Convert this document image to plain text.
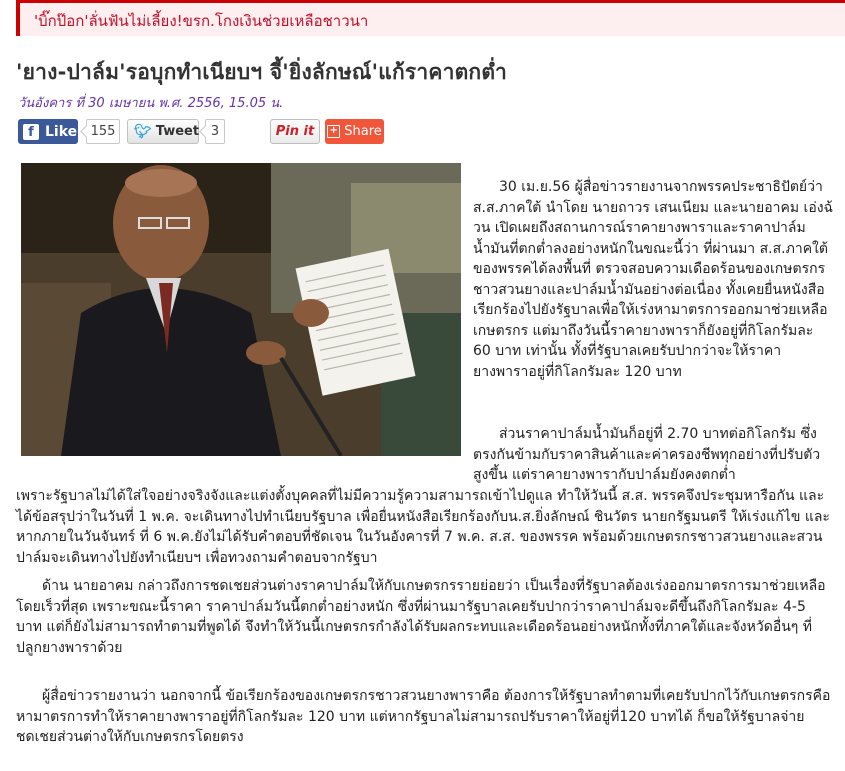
'บิ๊กป๊อก'ลั่นฟันไม่เลี้ยง!ขรก.โกงเงินช่วยเหลือชาวนา
'ยาง-ปาล์ม'รอบุกทำเนียบฯ จี้'ยิ่งลักษณ์'แก้ราคาตกต่ำ
วันอังคาร ที่ 30 เมษายน พ.ศ. 2556, 15.05 น.
f Like 155 🐦︎ Tweet 3	Pin it + Share
30 เม.ย.56 ผู้สื่อข่าวรายงานจากพรรคประชาธิปัตย์ว่า ส.ส.ภาคใต้ นำโดย นายถาวร เสนเนียม และนายอาคม เอ่งฉ้วน เปิดเผยถึงสถานการณ์ราคายางพาราและราคาปาล์มน้ำมันที่ตกต่ำลงอย่างหนักในขณะนี้ว่า ที่ผ่านมา ส.ส.ภาคใต้ของพรรคได้ลงพื้นที่ ตรวจสอบความเดือดร้อนของเกษตรกรชาวสวนยางและปาล์มน้ำมันอย่างต่อเนื่อง ทั้งเคยยื่นหนังสือเรียกร้องไปยังรัฐบาลเพื่อให้เร่งหามาตรการออกมาช่วยเหลือเกษตรกร แต่มาถึงวันนี้ราคายางพาราก็ยังอยู่ที่กิโลกรัมละ 60 บาท เท่านั้น ทั้งที่รัฐบาลเคยรับปากว่าจะให้ราคายางพาราอยู่ที่กิโลกรัมละ 120 บาท
ส่วนราคาปาล์มน้ำมันก็อยู่ที่ 2.70 บาทต่อกิโลกรัม ซึ่งตรงกันข้ามกับราคาสินค้าและค่าครองชีพทุกอย่างที่ปรับตัวสูงขึ้น แต่ราคายางพารากับปาล์มยังคงตกต่ำ
เพราะรัฐบาลไม่ได้ใส่ใจอย่างจริงจังและแต่งตั้งบุคคลที่ไม่มีความรู้ความสามารถเข้าไปดูแล ทำให้วันนี้ ส.ส. พรรคจึงประชุมหารือกัน และได้ข้อสรุปว่าในวันที่ 1 พ.ค. จะเดินทางไปทำเนียบรัฐบาล เพื่อยื่นหนังสือเรียกร้องกับน.ส.ยิ่งลักษณ์ ชินวัตร นายกรัฐมนตรี ให้เร่งแก้ไข และหากภายในวันจันทร์ ที่ 6 พ.ค.ยังไม่ได้รับคำตอบที่ชัดเจน ในวันอังคารที่ 7 พ.ค. ส.ส. ของพรรค พร้อมด้วยเกษตรกรชาวสวนยางและสวนปาล์มจะเดินทางไปยังทำเนียบฯ เพื่อทวงถามคำตอบจากรัฐบา
ด้าน นายอาคม กล่าวถึงการชดเชยส่วนต่างราคาปาล์มให้กับเกษตรกรรายย่อยว่า เป็นเรื่องที่รัฐบาลต้องเร่งออกมาตรการมาช่วยเหลือโดยเร็วที่สุด เพราะขณะนี้ราคา ราคาปาล์มวันนี้ตกต่ำอย่างหนัก ซึ่งที่ผ่านมารัฐบาลเคยรับปากว่าราคาปาล์มจะดีขึ้นถึงกิโลกรัมละ 4-5 บาท แต่ก็ยังไม่สามารถทำตามที่พูดได้ จึงทำให้วันนี้เกษตรกรกำลังได้รับผลกระทบและเดือดร้อนอย่างหนักทั้งที่ภาคใต้และจังหวัดอื่นๆ ที่ปลูกยางพาราด้วย
ผู้สื่อข่าวรายงานว่า นอกจากนี้ ข้อเรียกร้องของเกษตรกรชาวสวนยางพาราคือ ต้องการให้รัฐบาลทำตามที่เคยรับปากไว้กับเกษตรกรคือหามาตรการทำให้ราคายางพาราอยู่ที่กิโลกรัมละ 120 บาท แต่หากรัฐบาลไม่สามารถปรับราคาให้อยู่ที่120 บาทได้ ก็ขอให้รัฐบาลจ่ายชดเชยส่วนต่างให้กับเกษตรกรโดยตรง
